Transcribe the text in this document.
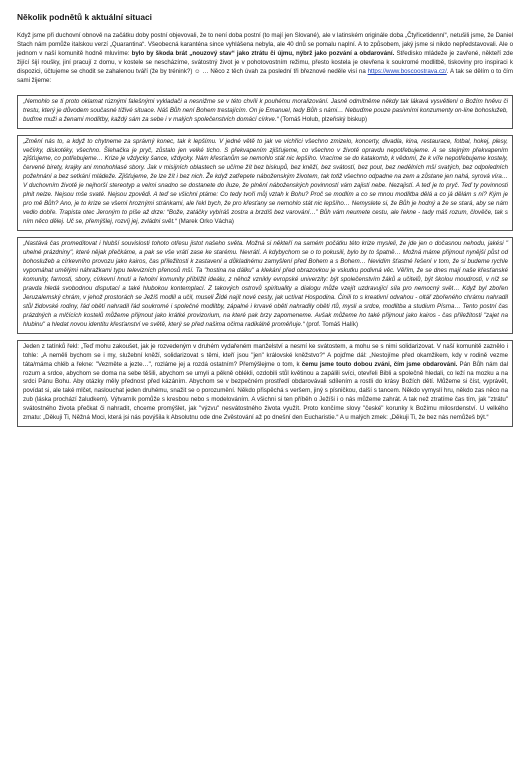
Několik podnětů k aktuální situaci

Když jsme při duchovní obnově na začátku doby postní objevovali, že to není doba postní (to mají jen Slované), ale v latinském originále doba „Čtyřicetidenní“, netušili jsme, že Daniel Stach nám pomůže italskou verzí „Quarantina“. Všeobecná karanténa since vyhlášena nebyla, ale 40 dnů se pomalu naplní. A to způsobem, jaký jsme si nikdo nepředstavovali. Ale o jednom v naší komunitě hodně mluvíme: bylo by škoda brát „nouzový stav“ jako ztrátu či újmu, nýbrž jako pozvání a obdarování. Středisko mládeže je zavřené, někteří zde žijící šijí roušky, jiní pracují z domu, v kostele se nescházíme, svátostný život je v pohotovostním režimu, přesto kostela je otevřena k soukromé modlitbě, tiskoviny pro inspiraci k dispozici, účtujeme se chodit se zahalenou tváří (že by trénink?) ☺ … Něco z těch úvah za poslední tři březnové neděle visí na https://www.boscoostrava.cz/. A tak se dělím o to čím sami žijeme:

„Nemohlo se ti proto oklamat rúznými falešnými vykladači a nesnižme se v této chvíli k pouhému moralizování. Jasně odmítněme někdy tak lákavá vysvětlení o Božím hněvu či trestu, který je důvodem současné tíživé situace. Náš Bůh není Bohem trestajícím. On je Emanuel, tedy Bůh s námi… Nebuďme pouze pasivními konzumenty on-line bohoslužeb, buďme muži a ženami modlitby, každý sám za sebe i v malých společenstvích domácí církve.“ (Tomáš Holub, plzeňský biskup)

„Změní nás to, a když to chytneme za správný konec, tak k lepšímu. V jedné větě to jak ve vichřici všechno zmizelo, koncerty, divadla, kina, restaurace, fotbal, hokej, plesy, večírky, diskotéky, všechno. Šlehačka je pryč, zůstalo jen velké ticho. S překvapením zjišťujeme, co všechno v životě opravdu nepotřebujeme. A se stejným překvapením zjišťujeme, co potřebujeme… Krize je vždycky šance, vždycky. Nám křesťanům se nemohlo stát nic lepšího. Vracíme se do katakomb, k vědomí, že k víře nepotřebujeme kostely, červené birety, krajky ani mnohohlasé sbory. Jak v misijních oblastech se učíme žít bez biskupů, bez kněží, bez svátostí, bez pout, bez nedělních mší svatých, bez odpoledních požehnání a bez setkání mládeže. Zjišťujeme, že lze žít i bez nich. Že když zatřepete náboženským životem, tak totiž všechno odpadne na zem a zůstane jen nahá, syrová víra… V duchovním životě je nejhorší stereotyp a velmi snadno se dostanete do iluze, že plnění náboženských povinností vám zajistí nebe. Nezajistí. A teď je to pryč. Teď ty povinnosti plnit nelze. Nejsou mše svaté. Nejsou zpovědi. A teď se všichni ptáme: Co tedy tvoři můj vztah k Bohu? Proč se modlím a co se mnou modlitba dělá a co já dělám s ní? Kým je pro mě Bůh? Ano, je to krize se všemi hroznými stránkami, ale řekl bych, že pro křesťany se nemohlo stát nic lepšího… Nemyslete si, že Bůh je hodný a že se stará, aby se nám vedlo dobře. Trapista otec Jeroným to píše až drze: “Bože, zatáčky vybíráš zostra a brzdíš bez varování…” Bůh vám neumete cestu, ale řekne - tady máš rozum, člověče, tak s ním něco dělej. Uč se, přemýšlej, rozvíj jej, zvládni svět.“ (Marek Orko Vácha)

„Nastává čas promeditovat i hlubší souvislosti tohoto otřesu jistot našeho světa. Možná si někteří na samém počátku této krize mysleli, že jde jen o dočasnou nehodu, jakési " uhelné prázdniny", které nějak přečkáme, a pak se vše vrátí zase ke starému. Nevrátí. A kdybychom se o to pokusili, bylo by to špatně… Možná máme přijmout nynější půst od bohoslužeb a církevního provozu jako kairos, čas příležitosti k zastavení a důkladnému zamyšlení před Bohem a s Bohem… Nevidím šťastné řešení v tom, že si budeme rychle vypomáhat umělými náhražkami typu televizních přenosů mší. Ta "hostina na dálku" a klekání před obrazovkou je vskutku podivná věc. Věřím, že se dnes mají naše křesťanské komunity, farnosti, sbory, církevní hnutí a řeholní komunity přiblížit ideálu, z něhož vznikly evropské univerzity: být společenstvím žáků a učitelů, být školou moudrosti, v níž se pravda hledá svobodnou disputací a také hlubokou kontemplací. Z takových ostrovů spirituality a dialogu může vzejít uzdravující síla pro nemocný svět… Když byl zbořen Jeruzalemský chrám, v jehož prostorách se Ježíš modlil a učil, museli Židé najít nové cesty, jak uctívat Hospodina. Činili to s kreativní odvahou - oltář zbořeného chrámu nahradil stůl židovské rodiny, řád obětí nahradil řád soukromé i společné modlitby, zápalné i krvavé oběti nahradily oběti rtů, mysli a srdce, modlitba a studium Písma… Tento postní čas prázdných a mlčících kostelů můžeme přijmout jako krátké provizorium, na které pak brzy zapomeneme. Avšak můžeme ho také přijmout jako kairos - čas příležitosti "zajet na hlubinu" a hledat novou identitu křesťanství ve světě, který se před našima očima radikálně proměňuje.“ (prof. Tomáš Halík)

Jeden z tatínků řekl: „Teď mohu zakoušet, jak je rozvedeným v druhém vydařeném manželství a nesmí ke svátostem, a mohu se s nimi solidarizovat. V naší komunitě zaznělo i tohle: „A neměli bychom se i my, služební kněží, solidarizovat s těmi, kteří jsou "jen" královské kněžstvo?“ A pojďme dál: „Nestojíme před okamžikem, kdy v rodině vezme táta/máma chléb a řekne: "Vezměte a jezte…", rozlámе jej a rozdá ostatním? Přemýšlejme o tom, k čemu jsme touto dobou zváni, čím jsme obdarováni. Pán Bůh nám dal rozum a srdce, abychom se doma na sebe těšili, abychom se umyli a pěkně oblékli, ozdobili stůl květinou a zapálili svíci, otevřeli Bibli a společně hledali, co leží na mozku a na srdci Pánu Bohu. Aby otázky měly přednost před kázáním. Abychom se v bezpečném prostředí obdarovávali sdílením a rostli do krásy Božích dětí. Můžeme si číst, vyprávět, povídat si, ale také mlčet, naslouchat jeden druhému, snažit se o porozumění. Někdo přispěchá s veršem, jiný s písničkou, další s tancem. Někdo vymyslí hru, někdo zas něco na zub (láska prochází žaludkem). Výtvarník pomůže s kresbou nebo s modelováním. A všichni si ten příběh o Ježíši i o nás můžeme zahrát. A tak než ztratíme čas tím, jak "ztrátu" svátostného života přečkat či nahradit, chceme promýšlet, jak "výzvu" nesvátostného života využít. Proto končíme slovy "české" korunky k Božímu milosrdenství. U velkého zmatu: „Děkuji Ti, Něžná Moci, která jsi nás povýšila k Absolutnu ode dne Zvěstování až po dnešní den Eucharistie.“ A u malých zmek: „Děkuji Ti, že bez nás nemůžeš být.“
